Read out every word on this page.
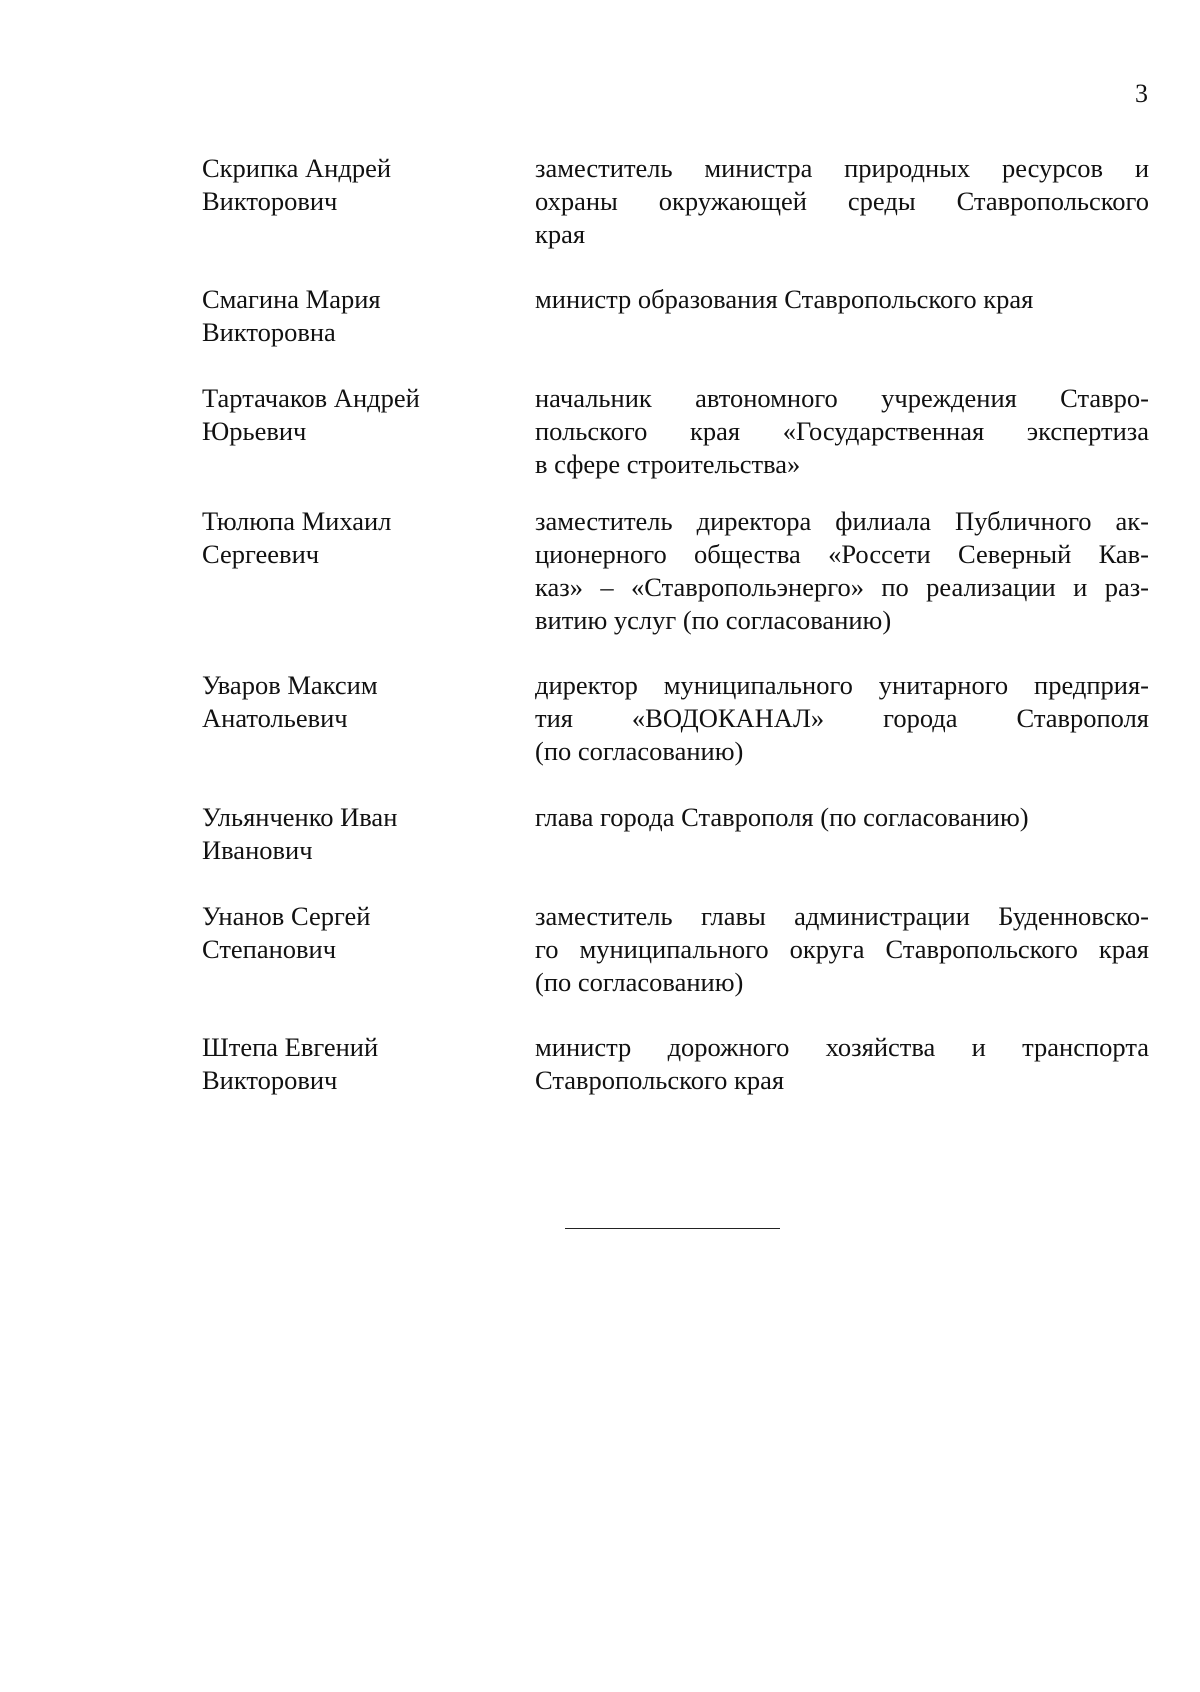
3
Скрипка Андрей
Викторович
заместитель министра природных ресурсов и
охраны окружающей среды Ставропольского
края
Смагина Мария
Викторовна
министр образования Ставропольского края
Тартачаков Андрей
Юрьевич
начальник автономного учреждения Ставро-
польского края «Государственная экспертиза
в сфере строительства»
Тюлюпа Михаил
Сергеевич
заместитель директора филиала Публичного ак-
ционерного общества «Россети Северный Кав-
каз» – «Ставропольэнерго» по реализации и раз-
витию услуг (по согласованию)
Уваров Максим
Анатольевич
директор муниципального унитарного предприя-
тия «ВОДОКАНАЛ» города Ставрополя
(по согласованию)
Ульянченко Иван
Иванович
глава города Ставрополя (по согласованию)
Унанов Сергей
Степанович
заместитель главы администрации Буденновско-
го муниципального округа Ставропольского края
(по согласованию)
Штепа Евгений
Викторович
министр дорожного хозяйства и транспорта
Ставропольского края
